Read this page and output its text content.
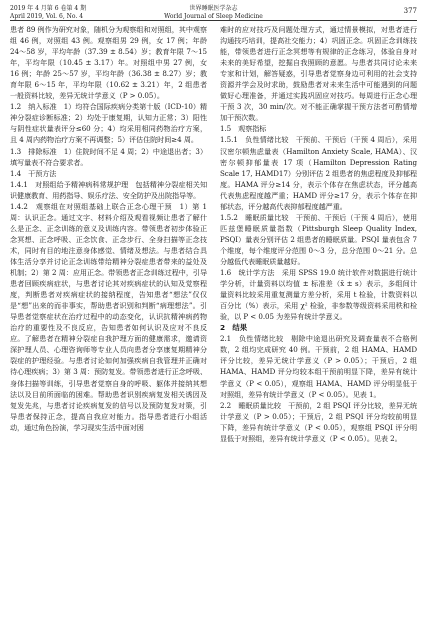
2019 年 4 月第 6 卷第 4 期
April 2019, Vol. 6, No. 4
世界睡眠医学杂志
World Journal of Sleep Medicine
377

患者 89 例作为研究对象，随机分为观察组和对照组，其中观察组 46 例，对照组 43 例。观察组男 29 例，女 17 例；年龄 24～58 岁，平均年龄（37.39 ± 8.54）岁；教育年限 7～15 年，平均年限（10.45 ± 3.17）年。对照组中男 27 例，女 16 例；年龄 25～57 岁，平均年龄（36.38 ± 8.27）岁；教育年限 6～15 年，平均年限（10.62 ± 3.21）年，2 组患者一般资料比较，差异无统计学意义（P > 0.05）。

1.2　纳入标准　1）均符合国际疾病分类第十版（ICD-10）精神分裂症诊断标准；2）均处于康复期，认知力正常；3）阳性与阴性症状量表评分≤60 分；4）均采用相同药物治疗方案，且 4 周内药物治疗方案不再调整；5）评估住院时间≥4 周。

1.3　排除标准　1）住院时间不足 4 周；2）中途退出者；3）填写量表不符合要求者。

1.4　干预方法

1.4.1　对照组给予精神病科常规护理　包括精神分裂症相关知识健康教育、用药指导、娱乐疗法、安全防护及出院指导等。

1.4.2　观察组在对照组基础上联合正念心理干预　1）第 1 周：认识正念。通过文字、材料介绍及观看视频让患者了解什么是正念、正念训练的意义及训练内容。带领患者初步体验正念冥想、正念呼吸、正念饮食、正念步行、全身扫描等正念技术，同时有目的地注意身体感觉、情绪及想法。与患者结合具体生活分享并讨论正念训练带给精神分裂症患者带来的益处及机制；2）第 2 周：应用正念。带领患者正念训练过程中，引导患者回顾疾病症状，与患者讨论其对疾病症状的认知及觉察程度，判断患者对疾病症状的接纳程度，告知患者“想法”仅仅是“想”出来的而非事实，帮助患者识别和判断“病理想法”。引导患者觉察症状在治疗过程中的动态变化，认识抗精神病药物治疗的重要性及不良反应，告知患者如何认识及应对不良反应。了解患者在精神分裂症自我护理方面的健康需求，邀请资深护理人员、心理咨询师等专业人员向患者分享康复期精神分裂症的护理经验。与患者讨论如何加强疾病自我管理并正确对待心理疾病；3）第 3 周：预防复发。带领患者进行正念呼吸、身体扫描等训练，引导患者觉察自身的呼吸、躯体并接纳其想法以及目前所面临的困难。帮助患者识别疾病复发相关诱因及复发先兆，与患者讨论疾病复发的信号以及预防复发对策，引导患者保持正念，提高自我应对能力。指导患者进行小组活动，通过角色扮演，学习现实生活中面对困

难时的应对技巧及问题处理方式，通过情景模拟，对患者进行沟通技巧培训，提高社交能力；4）巩固正念。巩固正念训练技能，带领患者进行正念冥想等有规律的正念练习，体验自身对未来的美好希望，挖掘自我照顾的意愿。与患者共同讨论未来专家和计划，解答疑惑，引导患者觉察身边可利用的社会支持资源并学会及时求助，鼓励患者对未来生活中可能遇到的问题做好心理准备，并通过实践巩固应对技巧。每周进行正念心理干预 3 次，30 min/次。对不能正确掌握干预方法者可酌情增加干预次数。

1.5　观察指标

1.5.1　负性情绪比较　干预前、干预后（干预 4 周后），采用汉密尔顿焦虑量表（Hamilton Anxiety Scale, HAMA）、汉密尔顿抑郁量表 17 项（Hamilton Depression Rating Scale 17, HAMD17）分别评估 2 组患者的焦虑程度及抑郁程度。HAMA 评分≥14 分，表示个体存在焦虑状态，评分越高代表焦虑程度越严重；HAMD 评分≥17 分，表示个体存在抑郁状态，评分越高代表抑郁程度越严重。

1.5.2　睡眠质量比较　干预前、干预后（干预 4 周后），使用匹兹堡睡眠质量指数（Pittsburgh Sleep Quality Index, PSQI）量表分别评估 2 组患者的睡眠质量。PSQI 量表包含 7 个维度，每个维度评分范围 0～3 分，总分范围 0～21 分。总分越低代表睡眠质量越好。

1.6　统计学方法　采用 SPSS 19.0 统计软件对数据进行统计学分析，计量资料以均值 ± 标准差（x̄ ± s）表示，多组间计量资料比较采用重复测量方差分析，采用 t 检验，计数资料以百分比（%）表示，采用 χ² 检验，非参数等级资料采用秩和检验，以 P < 0.05 为差异有统计学意义。

2　结果

2.1　负性情绪比较　剔除中途退出研究及调查量表不合格例数，2 组均完成研究 40 例。干预前，2 组 HAMA、HAMD 评分比较，差异无统计学意义（P > 0.05）；干预后，2 组 HAMA、HAMD 评分均较本组干预前明显下降，差异有统计学意义（P < 0.05），观察组 HAMA、HAMD 评分明显低于对照组，差异有统计学意义（P < 0.05）。见表 1。

2.2　睡眠质量比较　干预前，2 组 PSQI 评分比较，差异无统计学意义（P > 0.05）；干预后，2 组 PSQI 评分均较前明显下降，差异有统计学意义（P < 0.05），观察组 PSQI 评分明显低于对照组，差异有统计学意义（P < 0.05）。见表 2。
